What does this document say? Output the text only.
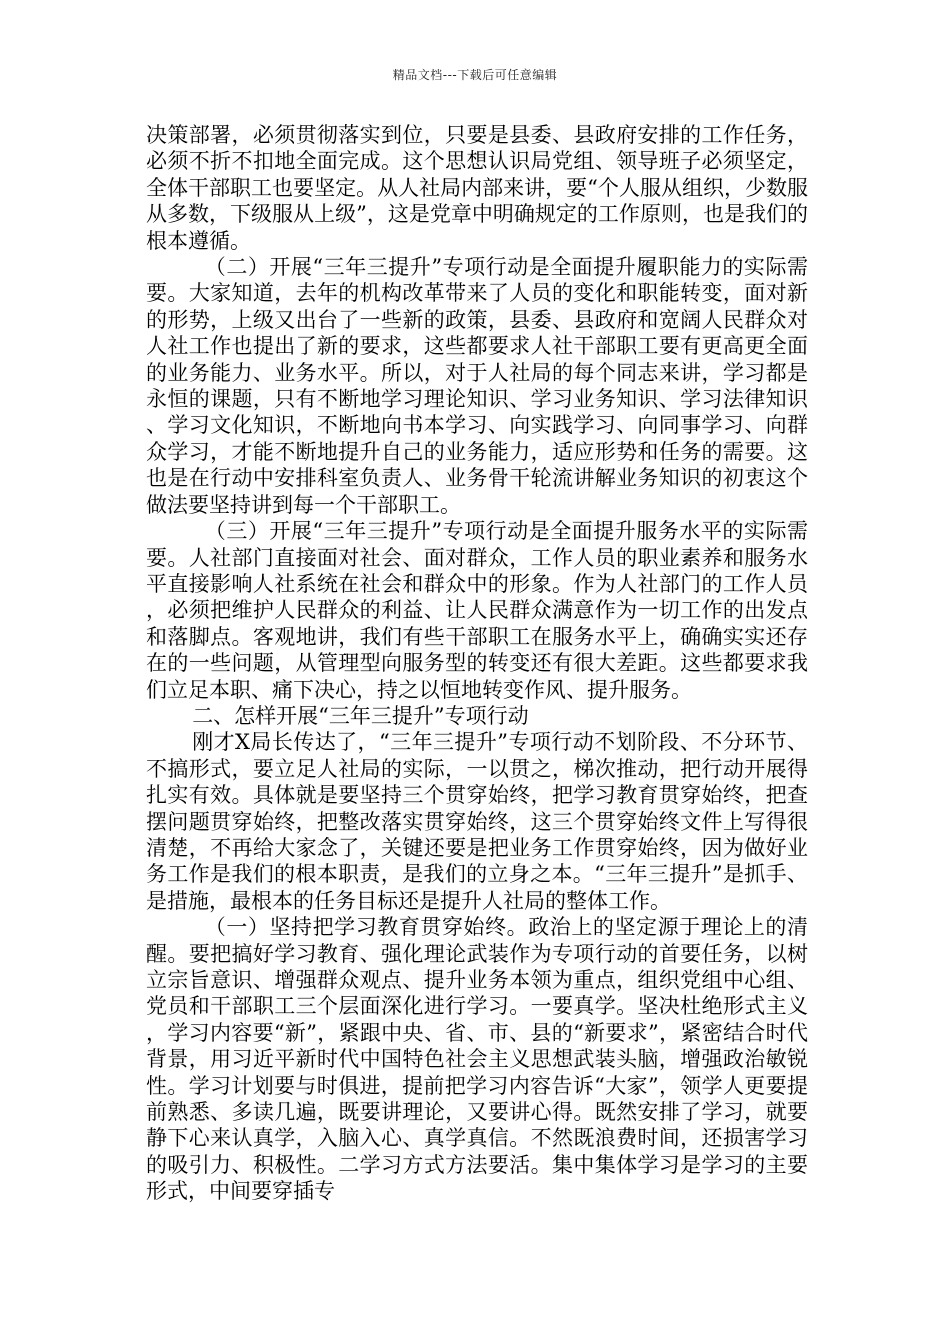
精品文档---下载后可任意编辑

决策部署，必须贯彻落实到位，只要是县委、县政府安排的工作任务，必须不折不扣地全面完成。这个思想认识局党组、领导班子必须坚定，全体干部职工也要坚定。从人社局内部来讲，要“个人服从组织，少数服从多数，下级服从上级”，这是党章中明确规定的工作原则，也是我们的根本遵循。

（二）开展“三年三提升”专项行动是全面提升履职能力的实际需要。大家知道，去年的机构改革带来了人员的变化和职能转变，面对新的形势，上级又出台了一些新的政策，县委、县政府和宽阔人民群众对人社工作也提出了新的要求，这些都要求人社干部职工要有更高更全面的业务能力、业务水平。所以，对于人社局的每个同志来讲，学习都是永恒的课题，只有不断地学习理论知识、学习业务知识、学习法律知识、学习文化知识，不断地向书本学习、向实践学习、向同事学习、向群众学习，才能不断地提升自己的业务能力，适应形势和任务的需要。这也是在行动中安排科室负责人、业务骨干轮流讲解业务知识的初衷这个做法要坚持讲到每一个干部职工。

（三）开展“三年三提升”专项行动是全面提升服务水平的实际需要。人社部门直接面对社会、面对群众，工作人员的职业素养和服务水平直接影响人社系统在社会和群众中的形象。作为人社部门的工作人员，必须把维护人民群众的利益、让人民群众满意作为一切工作的出发点和落脚点。客观地讲，我们有些干部职工在服务水平上，确确实实还存在的一些问题，从管理型向服务型的转变还有很大差距。这些都要求我们立足本职、痛下决心，持之以恒地转变作风、提升服务。

二、怎样开展“三年三提升”专项行动

刚才X局长传达了，“三年三提升”专项行动不划阶段、不分环节、不搞形式，要立足人社局的实际，一以贯之，梯次推动，把行动开展得扎实有效。具体就是要坚持三个贯穿始终，把学习教育贯穿始终，把查摆问题贯穿始终，把整改落实贯穿始终，这三个贯穿始终文件上写得很清楚，不再给大家念了，关键还要是把业务工作贯穿始终，因为做好业务工作是我们的根本职责，是我们的立身之本。“三年三提升”是抓手、是措施，最根本的任务目标还是提升人社局的整体工作。

（一）坚持把学习教育贯穿始终。政治上的坚定源于理论上的清醒。要把搞好学习教育、强化理论武装作为专项行动的首要任务，以树立宗旨意识、增强群众观点、提升业务本领为重点，组织党组中心组、党员和干部职工三个层面深化进行学习。一要真学。坚决杜绝形式主义，学习内容要“新”，紧跟中央、省、市、县的“新要求”，紧密结合时代背景，用习近平新时代中国特色社会主义思想武装头脑，增强政治敏锐性。学习计划要与时俱进，提前把学习内容告诉“大家”，领学人更要提前熟悉、多读几遍，既要讲理论，又要讲心得。既然安排了学习，就要静下心来认真学，入脑入心、真学真信。不然既浪费时间，还损害学习的吸引力、积极性。二学习方式方法要活。集中集体学习是学习的主要形式，中间要穿插专
